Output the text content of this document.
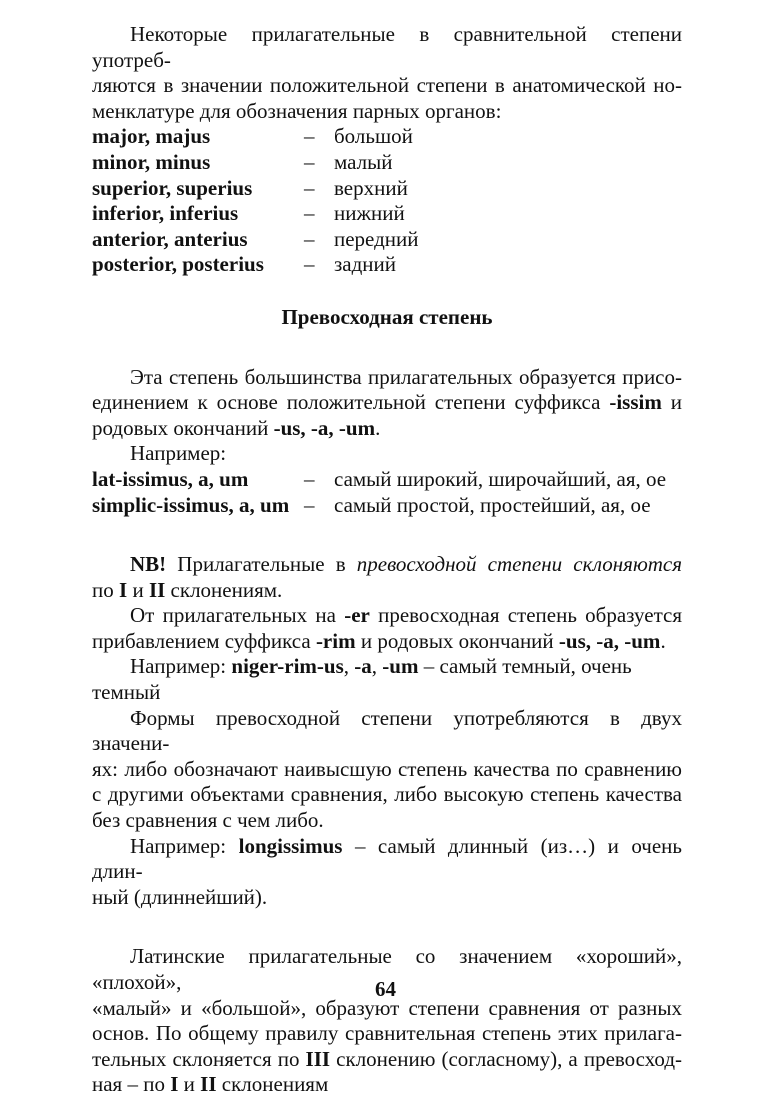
Некоторые прилагательные в сравнительной степени употреб-

ляются в значении положительной степени в анатомической но-

менклатуре для обозначения парных органов:

major, majus	– большой
minor, minus	– малый
superior, superius	– верхний
inferior, inferius	– нижний
anterior, anterius	– передний
posterior, posterius	– задний

Превосходная степень

Эта степень большинства прилагательных образуется присо-

единением к основе положительной степени суффикса -issim и

родовых окончаний -us, -a, -um.

Например:

lat-issimus, a, um	– самый широкий, широчайший, ая, ое
simplic-issimus, a, um – самый простой, простейший, ая, ое

NB! Прилагательные в превосходной степени склоняются

по I и II склонениям.

От прилагательных на -er превосходная степень образуется

прибавлением суффикса -rim и родовых окончаний -us, -a, -um.

Например: niger-rim-us, -a, -um – самый темный, очень темный

Формы превосходной степени употребляются в двух значени-

ях: либо обозначают наивысшую степень качества по сравнению

с другими объектами сравнения, либо высокую степень качества

без сравнения с чем либо.

Например: longissimus – самый длинный (из…) и очень длин-

ный (длиннейший).

Латинские прилагательные со значением «хороший», «плохой»,

«малый» и «большой», образуют степени сравнения от разных

основ. По общему правилу сравнительная степень этих прилага-

тельных склоняется по III склонению (согласному), а превосход-

ная – по I и II склонениям

64
